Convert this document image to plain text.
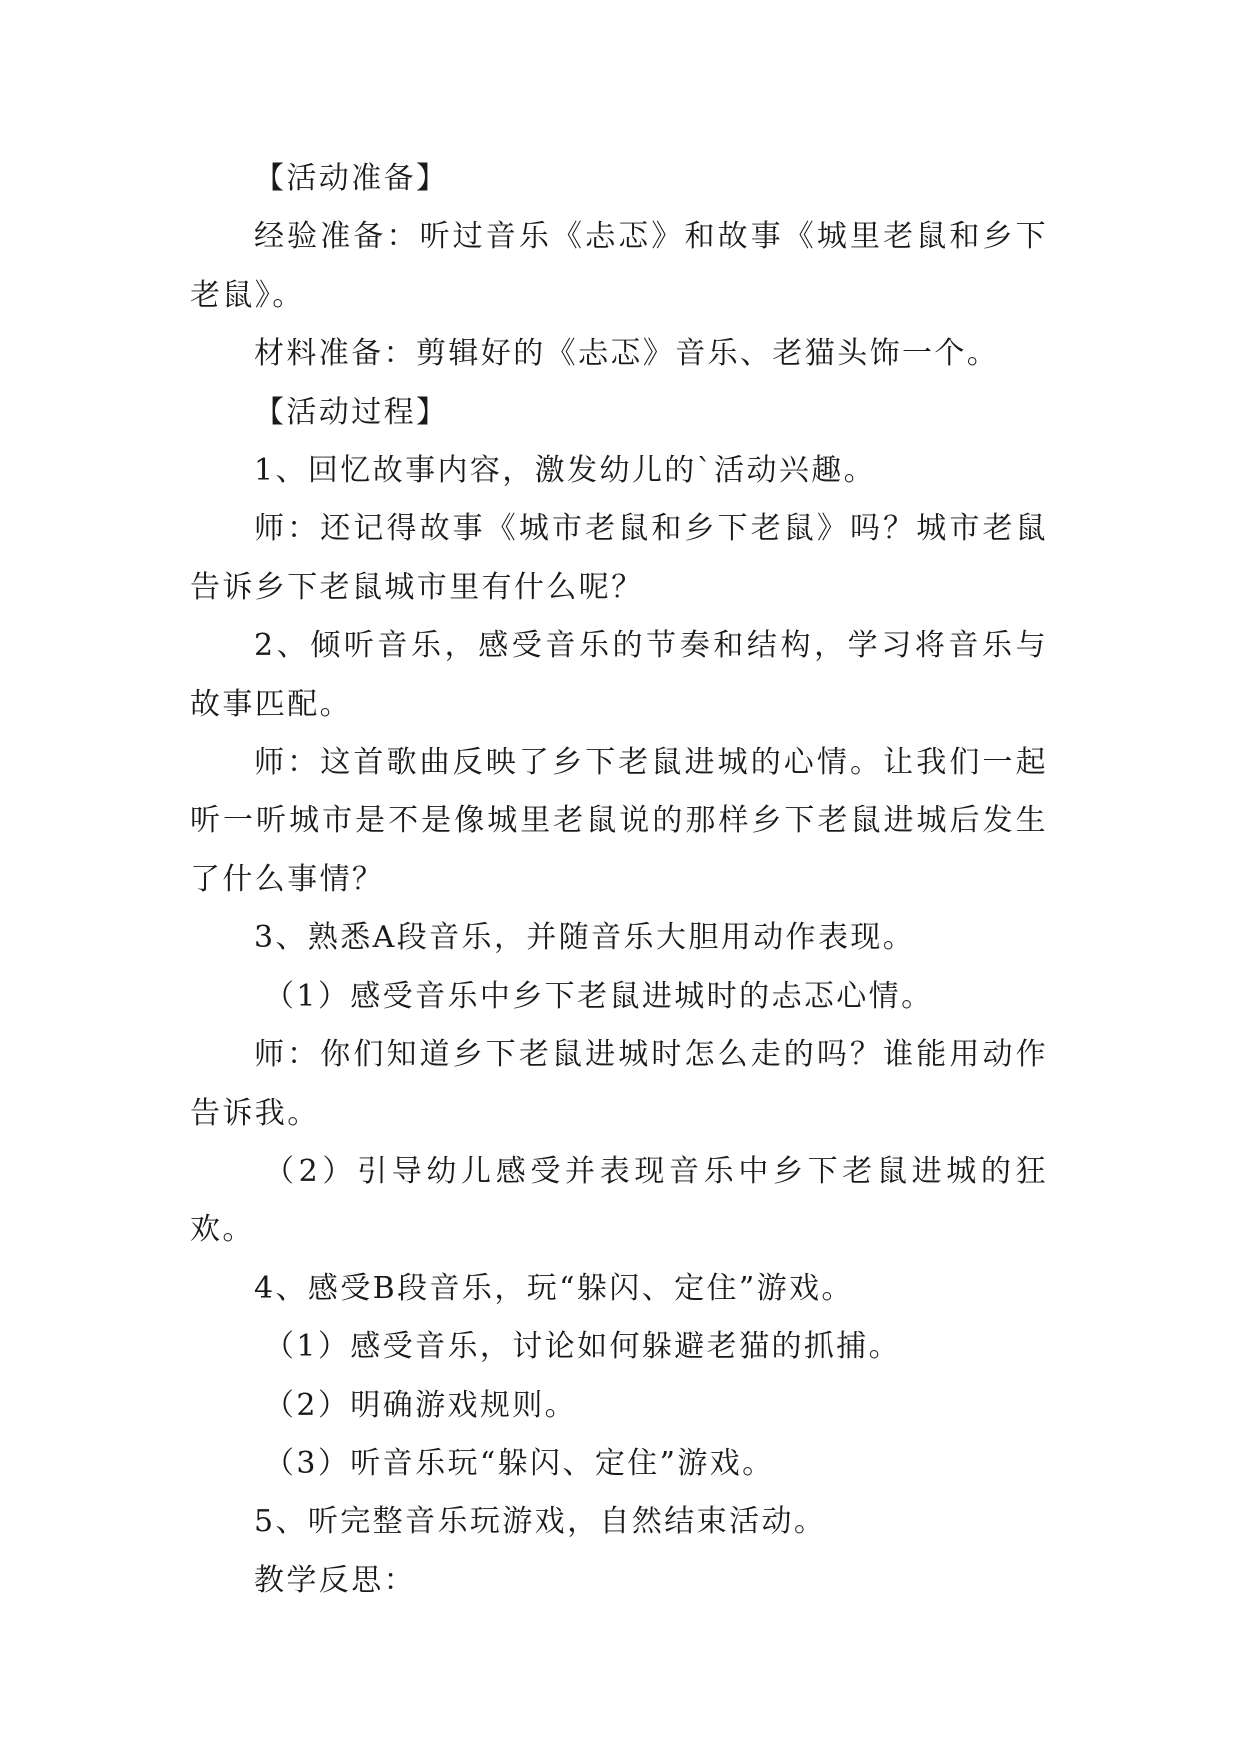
【活动准备】

经验准备：听过音乐《忐忑》和故事《城里老鼠和乡下老鼠》。

材料准备：剪辑好的《忐忑》音乐、老猫头饰一个。

【活动过程】

1、回忆故事内容，激发幼儿的`活动兴趣。

师：还记得故事《城市老鼠和乡下老鼠》吗？城市老鼠告诉乡下老鼠城市里有什么呢？

2、倾听音乐，感受音乐的节奏和结构，学习将音乐与故事匹配。

师：这首歌曲反映了乡下老鼠进城的心情。让我们一起听一听城市是不是像城里老鼠说的那样乡下老鼠进城后发生了什么事情？

3、熟悉A段音乐，并随音乐大胆用动作表现。

（1）感受音乐中乡下老鼠进城时的忐忑心情。

师：你们知道乡下老鼠进城时怎么走的吗？谁能用动作告诉我。

（2）引导幼儿感受并表现音乐中乡下老鼠进城的狂欢。

4、感受B段音乐，玩“躲闪、定住”游戏。

（1）感受音乐，讨论如何躲避老猫的抓捕。

（2）明确游戏规则。

（3）听音乐玩“躲闪、定住”游戏。

5、听完整音乐玩游戏，自然结束活动。

教学反思：
